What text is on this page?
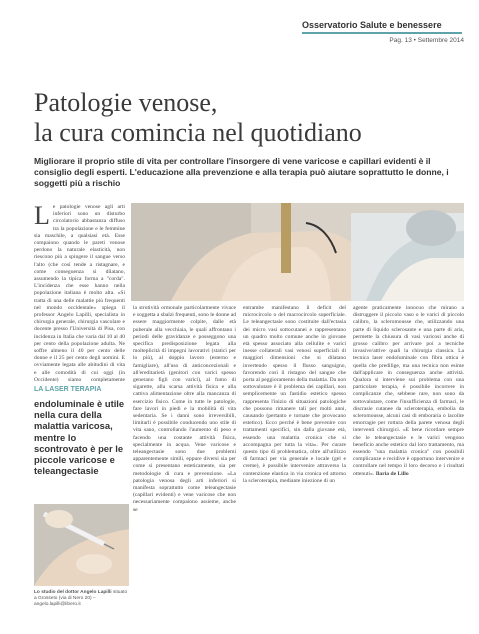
Osservatorio Salute e benessere
Pag. 13 • Settembre 2014
Patologie venose,
la cura comincia nel quotidiano

Migliorare il proprio stile di vita per controllare l'insorgere di vene varicose e capillari evidenti è il consiglio degli esperti. L'educazione alla prevenzione e alla terapia può aiutare soprattutto le donne, i soggetti più a rischio

L e patologie venose agli arti inferiori sono un disturbo circolatorio abbastanza diffuso tra la popolazione e le femmine sia maschile, a qualsiasi età. Esse compaiono quando le pareti venose perdono la naturale elasticità, non riescono più a spingere il sangue verso l'alto (che così tende a ristagnare, e come conseguenza si dilatano, assumendo la tipica forma a "corda". L'incidenza che esse hanno nella popolazione italiana è molto alta. «Si tratta di una delle malattie più frequenti nel mondo occidentale» spiega il professor Angelo Lapilli, specialista in chirurgia generale, chirurgia vascolare e docente presso l'Università di Pisa, con incidenza in Italia che varia dal 10 al 40 per cento della popolazione adulta. Ne soffre almeno il 40 per cento delle donne e il 25 per cento degli uomini. E ovviamente legata alle abitudini di vita e alle comodità di cui oggi (in Occidente) siamo completamente
LA LASER TERAPIA
endoluminale è utile nella cura della malattia varicosa, mentre lo scontrovato è per le piccole varicose e teleangectasie
la strutività ormonale particolarmente vivace e soggetta a sbalzi frequenti, sono le donne ad essere maggiormente colpite, dalle età puberale alla vecchiaia, le quali affrontano i periodi delle gravidanze e posseggono una specifica predisposizione legata alla molteplicità di impegni lavorativi (statici per lo più), al doppio lavoro (esterno e famigliare), all'uso di anticoncezionali e all'ereditarietà (genitori con varici spesso generano figli con varici), al fumo di sigarette, alla scarsa attività fisica e alla cattiva alimentazione oltre alla mancanza di esercizio fisico. Come in tutte le patologie, fare lavori in piedi e la mobilità di vita sedentaria. Se i danni sono irreversibili, limitarli è possibile conducendo uno stile di vita sano, controllando l'aumento di peso e facendo una costante attività fisica, specialmente in acqua. Vene varicose e teleangectasie sono due problemi apparentemente simili, eppure diversi sia per come si presentano esteticamente, sia per metodologie di cura e prevenzione. «La patologia venosa degli arti inferiori si manifesta soprattutto come teleangectasie (capillari evidenti) e vene varicose che non necessariamente compaiono assieme, anche se
entrambe manifestano il deficit del microcircolo o del macrocircolo superficiale. Le teleangectasie sono costituite dall'ectasia dei micro vasi sottocutanei e rappresentano un quadro molto comune anche in giovane età spesso associato alla cellulite e varici inesse collaterali vasi venosi superficiali di maggiori dimensioni che si dilatano invertendo spesso il flusso sanguigno, favorendo così il ristagno del sangue che porta al peggioramento della malattia. Da non sottovalutare è il problema dei capillari, non semplicemente un fastidio estetico spesso rappresenta l'inizio di situazioni patologiche che possono rimanere tali per molti anni, causando (pertanto e tornate che provocano estetico). Ecco perché è bene prevenire con trattamenti specifici, sin dalla giovane età, essendo una malattia cronica che si accompagna per tutta la vita». Per curare questo tipo di problematica, oltre all'utilizzo di farmaci per via generale e locale (gel e creme), è possibile intervenire attraverso la contenzione elastica in via cronica ed attorno la scleroterapia, mediante iniezione di un
agente praticamente innocuo che mirano a distruggere il piccolo vaso o le varici di piccolo calibro, la scleromousse che, utilizzando una parte di liquido sclerosante e una parte di aria, permette la chiusura di vasi varicosi anche di grosso calibro per arrivare poi a tecniche invasive/attive quali la chirurgia classica. La tecnica laser endoluminale con fibra ottica è quella che predilige, ma una tecnica non esime dall'applicare in conseguenza anche attività. Qualora si interviene sui problema con una particolare terapia, è possibile incorrere in complicanze che, sebbene rare, non sono da sottovalutare, come l'insufficienza di farmaci, le discrasie cutanee da scleroterapia, embolia da scleromousse, alcuni casi di emboraria o lacolite emorragie per rottura della parete venosa degli interventi chirurgici. «E bene ricordare sempre che le teleangectasie e le varici vengono beneficio anche estetico dal loro trattamento, ma essendo "una malattia cronica" con possibili complicanze e recidive è opportuno intervenire e controllare nel tempo il loro decorso e i risultati ottenuti». Ilaria de Lillo
Lo studio del dottor Angelo Lapilli situato a Grosseto (via di Nero 20) – angelo.lapilli@libero.it
